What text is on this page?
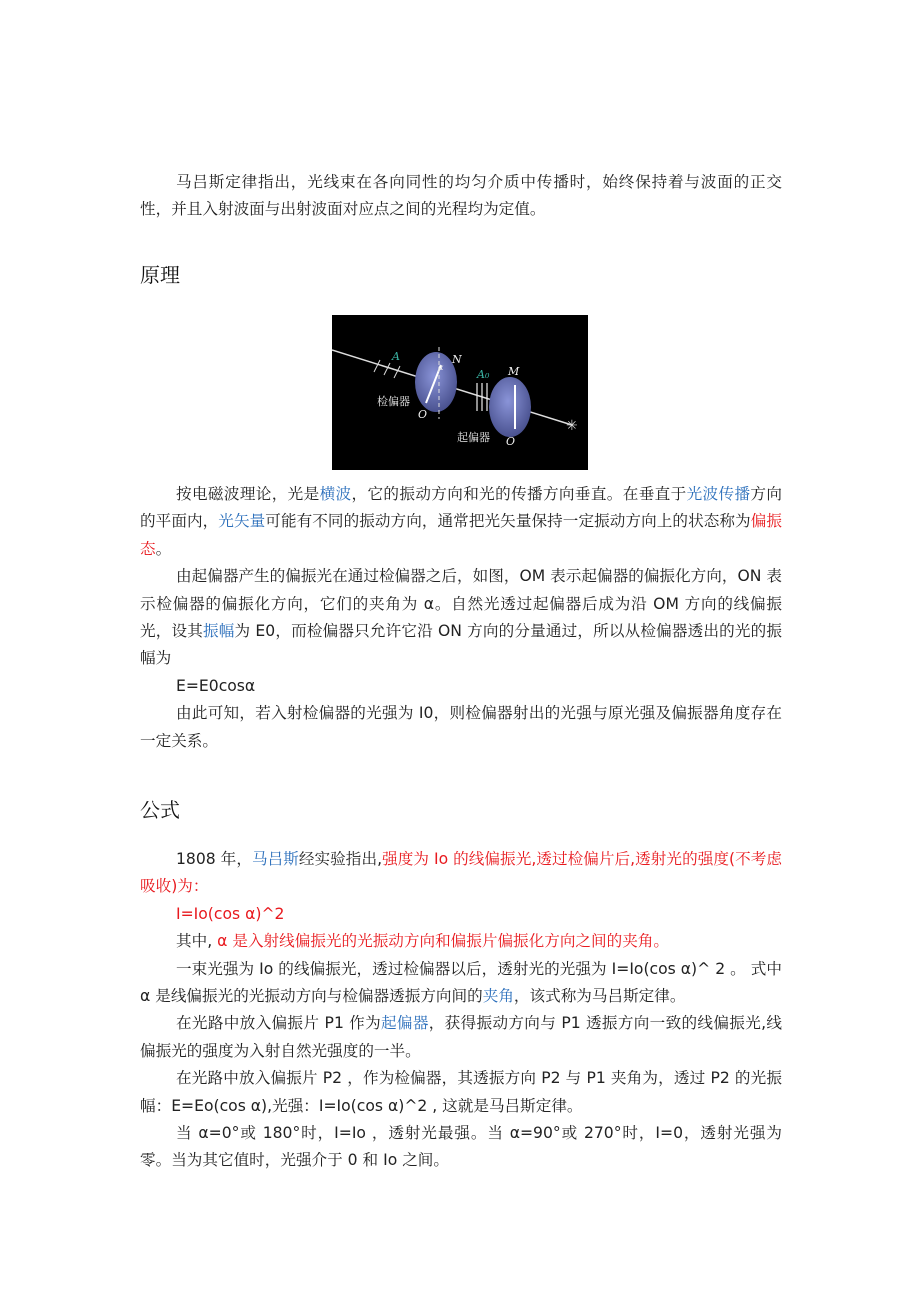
马吕斯定律指出，光线束在各向同性的均匀介质中传播时，始终保持着与波面的正交性，并且入射波面与出射波面对应点之间的光程均为定值。

原理
✳
A	N
α
O
A₀ M
O
检偏器
起偏器

按电磁波理论，光是横波，它的振动方向和光的传播方向垂直。在垂直于光波传播方向的平面内，光矢量可能有不同的振动方向，通常把光矢量保持一定振动方向上的状态称为偏振态。

由起偏器产生的偏振光在通过检偏器之后，如图，OM 表示起偏器的偏振化方向，ON 表示检偏器的偏振化方向，它们的夹角为 α。自然光透过起偏器后成为沿 OM 方向的线偏振光，设其振幅为 E0，而检偏器只允许它沿 ON 方向的分量通过，所以从检偏器透出的光的振幅为

E=E0cosα

由此可知，若入射检偏器的光强为 I0，则检偏器射出的光强与原光强及偏振器角度存在一定关系。

公式

1808 年，马吕斯经实验指出,强度为 Io 的线偏振光,透过检偏片后,透射光的强度(不考虑吸收)为：

I=Io(cos α)^2

其中, α 是入射线偏振光的光振动方向和偏振片偏振化方向之间的夹角。

一束光强为 Io 的线偏振光，透过检偏器以后，透射光的光强为 I=Io(cos α)^ 2 。 式中 α 是线偏振光的光振动方向与检偏器透振方向间的夹角，该式称为马吕斯定律。

在光路中放入偏振片 P1 作为起偏器，获得振动方向与 P1 透振方向一致的线偏振光,线偏振光的强度为入射自然光强度的一半。

在光路中放入偏振片 P2 ，作为检偏器，其透振方向 P2 与 P1 夹角为，透过 P2 的光振幅：E=Eo(cos α),光强：I=Io(cos α)^2 , 这就是马吕斯定律。

当 α=0°或 180°时，I=Io ，透射光最强。当 α=90°或 270°时，I=0，透射光强为零。当为其它值时，光强介于 0 和 Io 之间。
